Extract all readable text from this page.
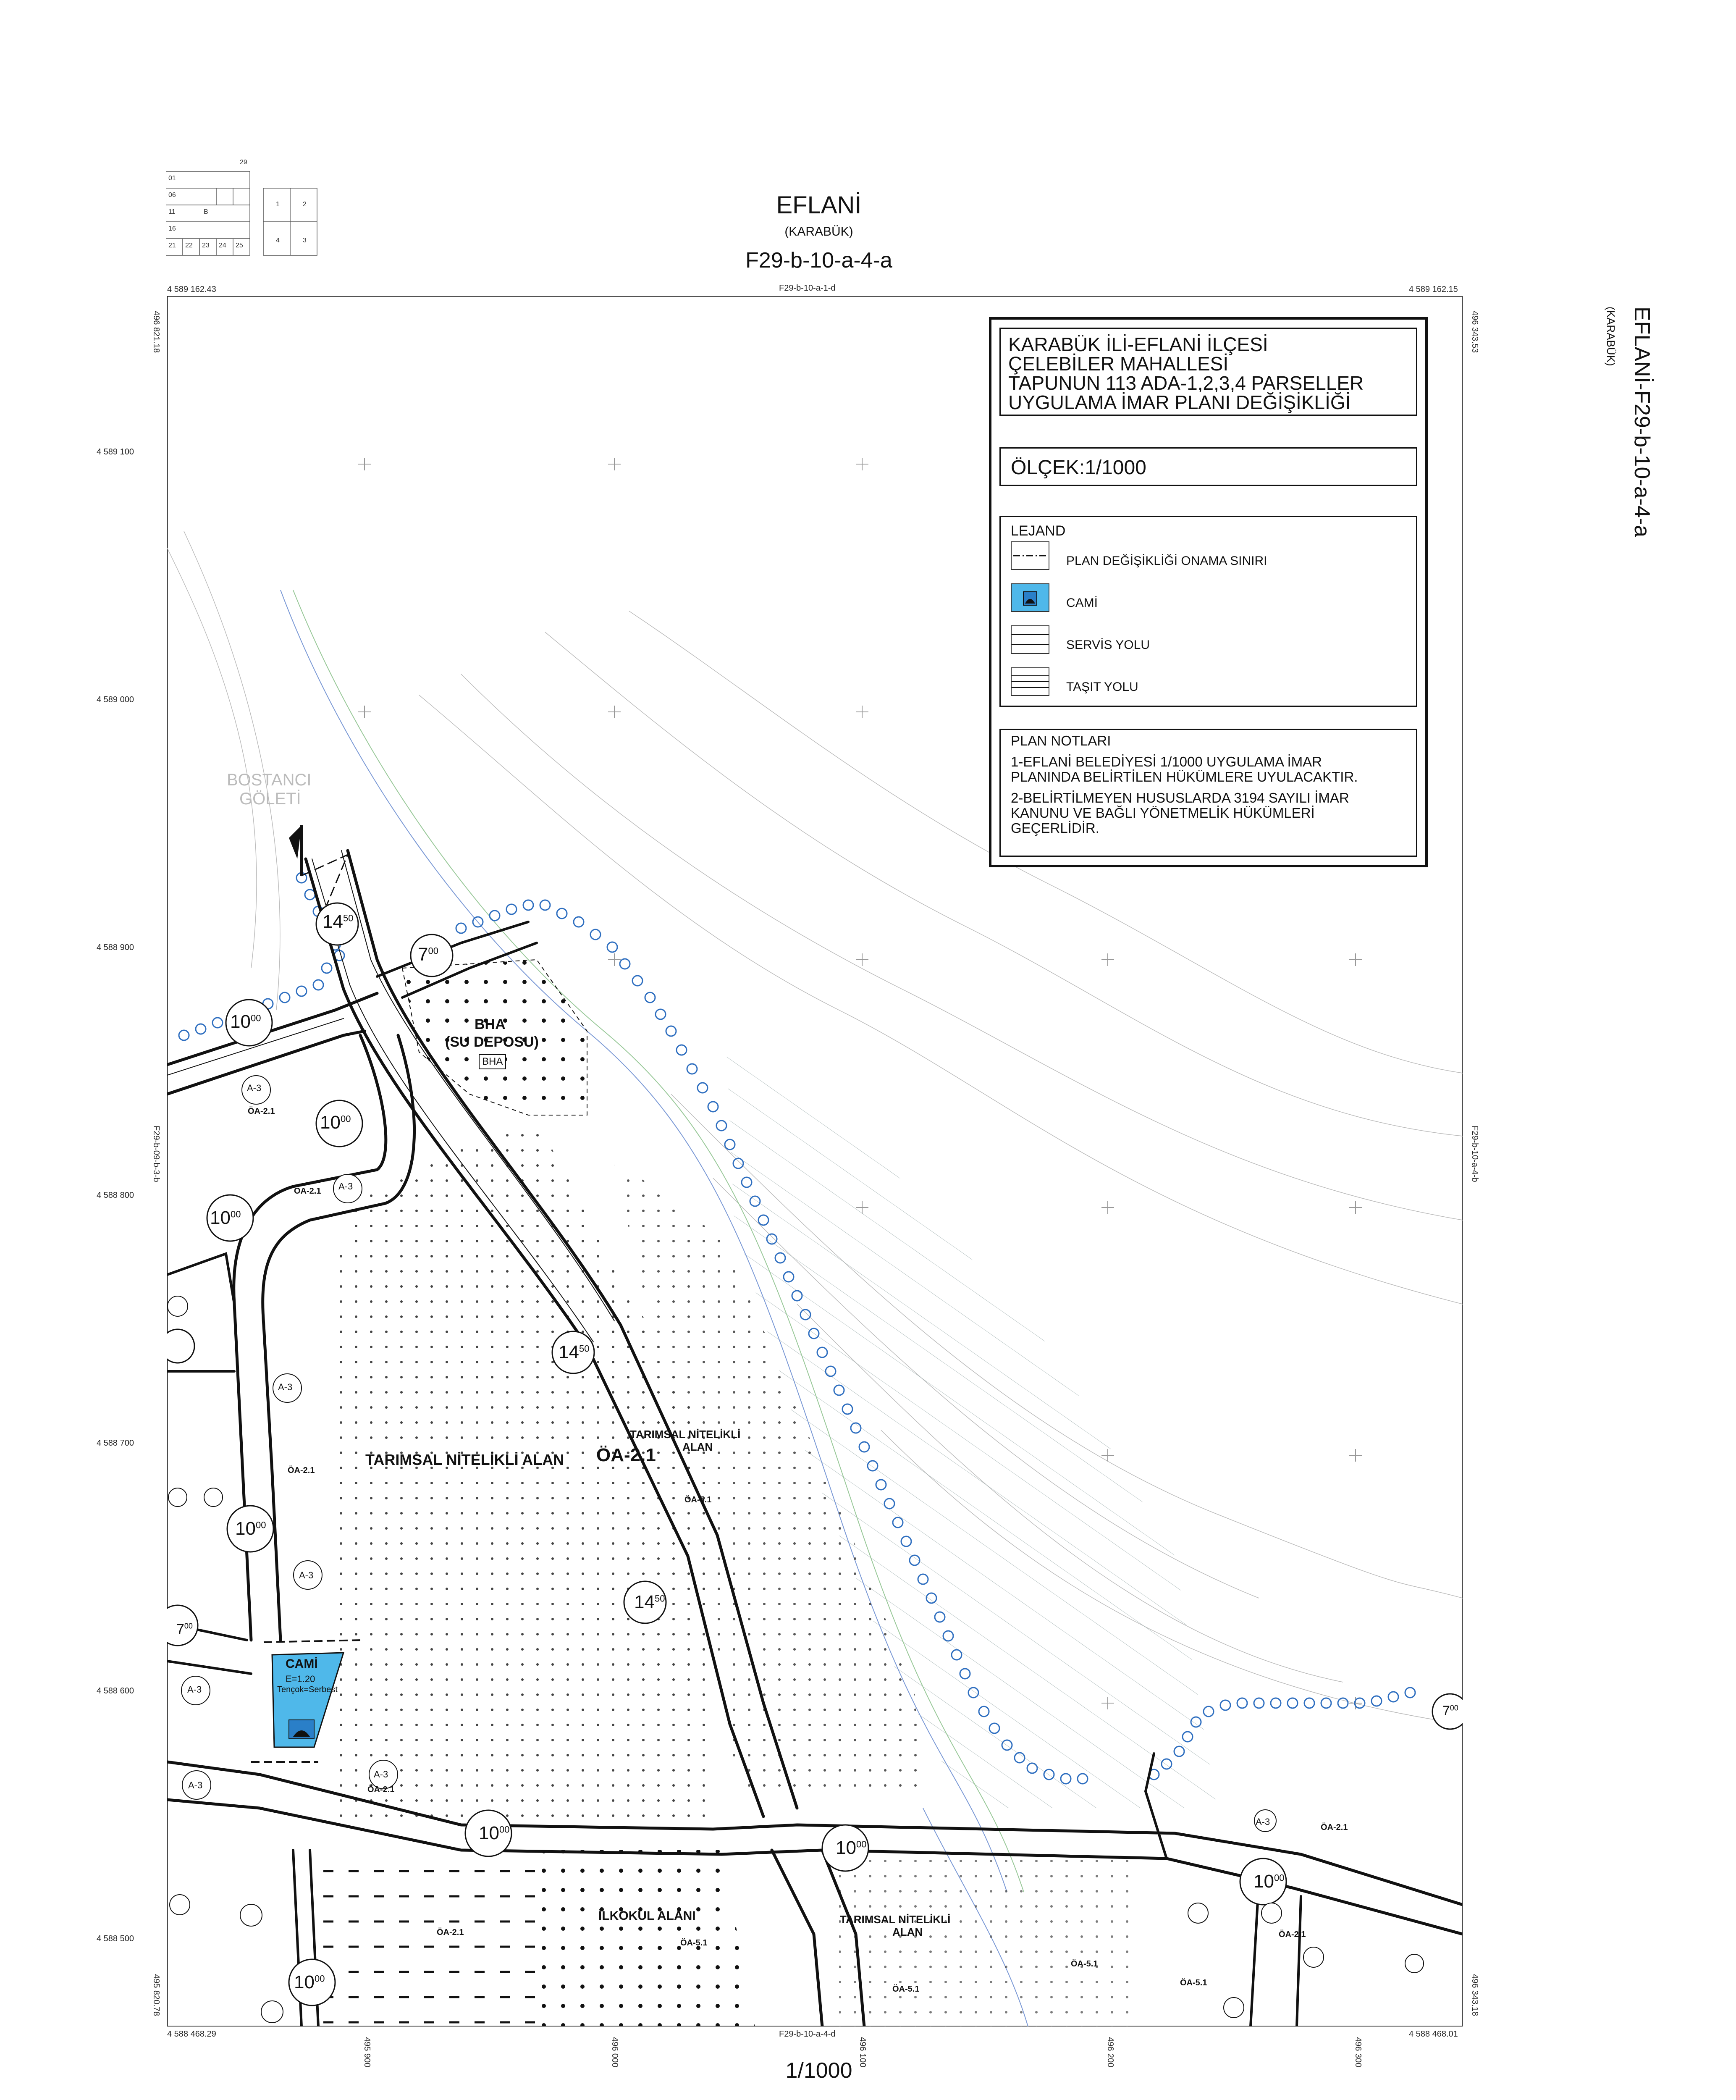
EFLANİ
(KARABÜK)
F29-b-10-a-4-a
29
01
06
11
16
21 22 23 24 25
B
1	2
4	3
EFLANİ-F29-b-10-a-4-a
(KARABÜK)
4 589 162.43	4 589 162.15
4 588 468.29	4 588 468.01
F29-b-10-a-1-d
F29-b-10-a-4-d
F29-b-09-b-3-b	F29-b-10-a-4-b
496 821.18	496 343.53
495 820.78	496 343.18
4 589 100
4 589 000
4 588 900
4 588 800
4 588 700
4 588 600
4 588 500
495 900	496 000	496 100	496 200	496 300
BOSTANCI
GÖLETİ
BHA
(SU DEPOSU)
BHA
TARIMSAL NİTELİKLİ ALAN ÖA-2.1
TARIMSAL NİTELİKLİ
ALAN
ÖA-5.1
TARIMSAL NİTELİKLİ
ALAN
ÖA-5.1
İLKOKUL ALANI
ÖA-5.1
ÖA-2.1
ÖA-5.1
ÖA-5.1
ÖA-2.1
ÖA-2.1
ÖA-2.1
ÖA-2.1
ÖA-2.1
ÖA-2.1
CAMİ
E=1.20
Tençok=Serbest
A-3
A-3
A-3
A-3
A-3
A-3
A-3
A-3
$14^{50}$
$7^{00}$
$10^{00}$
$10^{00}$
$10^{00}$
$14^{50}$
$10^{00}$
$14^{50}$
$10^{00}$
$10^{00}$
$10^{00}$
$10^{00}$
$7^{00}$
$7^{00}$
KARABÜK İLİ-EFLANİ İLÇESİ
ÇELEBİLER MAHALLESİ
TAPUNUN 113 ADA-1,2,3,4 PARSELLER
UYGULAMA İMAR PLANI DEĞİŞİKLİĞİ
ÖLÇEK:1/1000
LEJAND
PLAN DEĞİŞİKLİĞİ ONAMA SINIRI
CAMİ
SERVİS YOLU
TAŞIT YOLU
PLAN NOTLARI
1-EFLANİ BELEDİYESİ 1/1000 UYGULAMA İMAR
PLANINDA BELİRTİLEN HÜKÜMLERE UYULACAKTIR.
2-BELİRTİLMEYEN HUSUSLARDA 3194 SAYILI İMAR
KANUNU VE BAĞLI YÖNETMELİK HÜKÜMLERİ
GEÇERLİDİR.
1/1000
